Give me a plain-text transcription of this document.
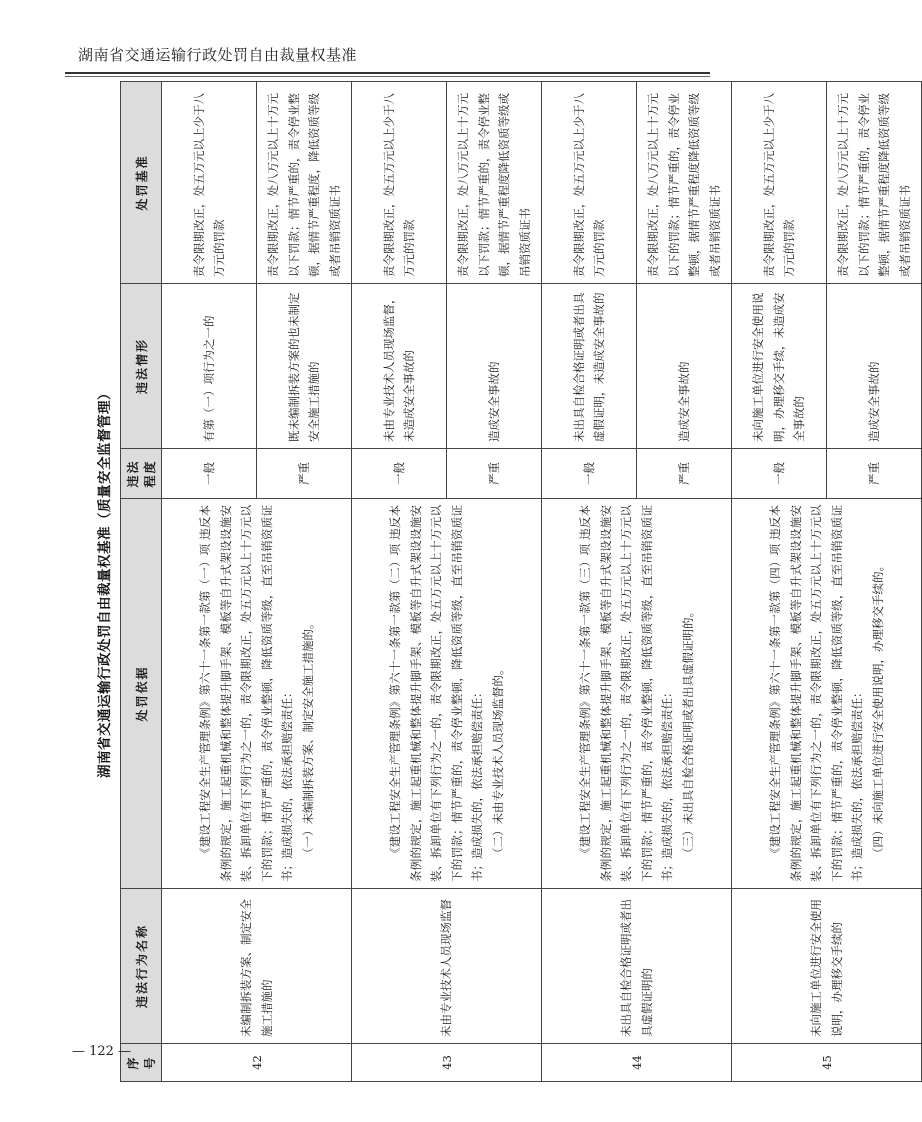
湖南省交通运输行政处罚自由裁量权基准
湖南省交通运输行政处罚自由裁量权基准（质量安全监督管理）
序号	违法行为名称	处罚依据	违法程度	违法情形	处罚基准
42	未编制拆装方案、制定安全施工措施的	《建设工程安全生产管理条例》第六十一条第一款第（一）项 违反本条例的规定，施工起重机械和整体提升脚手架、模板等自升式架设设施安装、拆卸单位有下列行为之一的，责令限期改正，处五万元以上十万元以下的罚款；情节严重的，责令停业整顿，降低资质等级，直至吊销资质证书；造成损失的，依法承担赔偿责任： （一）未编制拆装方案、制定安全施工措施的。	一般	有第（一）项行为之一的	责令限期改正，处五万元以上少于八万元的罚款
			严重	既未编制拆装方案的也未制定安全施工措施的	责令限期改正，处八万元以上十万元以下罚款；情节严重的，责令停业整顿，据情节严重程度，降低资质等级或者吊销资质证书
43	未由专业技术人员现场监督	《建设工程安全生产管理条例》第六十一条第一款第（二）项 违反本条例的规定，施工起重机械和整体提升脚手架、模板等自升式架设设施安装、拆卸单位有下列行为之一的，责令限期改正，处五万元以上十万元以下的罚款；情节严重的，责令停业整顿，降低资质等级，直至吊销资质证书；造成损失的，依法承担赔偿责任： （二）未由专业技术人员现场监督的。	一般	未由专业技术人员现场监督，未造成安全事故的	责令限期改正，处五万元以上少于八万元的罚款
			严重	造成安全事故的	责令限期改正，处八万元以上十万元以下罚款；情节严重的，责令停业整顿，据情节严重程度降低资质等级或吊销资质证书
44	未出具自检合格证明或者出具虚假证明的	《建设工程安全生产管理条例》第六十一条第一款第（三）项 违反本条例的规定，施工起重机械和整体提升脚手架、模板等自升式架设设施安装、拆卸单位有下列行为之一的，责令限期改正，处五万元以上十万元以下的罚款；情节严重的，责令停业整顿，降低资质等级，直至吊销资质证书；造成损失的，依法承担赔偿责任： （三）未出具自检合格证明或者出具虚假证明的。	一般	未出具自检合格证明或者出具虚假证明，未造成安全事故的	责令限期改正，处五万元以上少于八万元的罚款
			严重	造成安全事故的	责令限期改正，处八万元以上十万元以下的罚款；情节严重的，责令停业整顿，据情节严重程度降低资质等级或者吊销资质证书
45	未向施工单位进行安全使用说明，办理移交手续的	《建设工程安全生产管理条例》第六十一条第一款第（四）项 违反本条例的规定，施工起重机械和整体提升脚手架、模板等自升式架设设施安装、拆卸单位有下列行为之一的，责令限期改正，处五万元以上十万元以下的罚款；情节严重的，责令停业整顿，降低资质等级，直至吊销资质证书；造成损失的，依法承担赔偿责任： （四）未向施工单位进行安全使用说明，办理移交手续的。	一般	未向施工单位进行安全使用说明，办理移交手续，未造成安全事故的	责令限期改正，处五万元以上少于八万元的罚款
			严重	造成安全事故的	责令限期改正，处八万元以上十万元以下的罚款；情节严重的，责令停业整顿，据情节严重程度降低资质等级或者吊销资质证书
— 122 —
